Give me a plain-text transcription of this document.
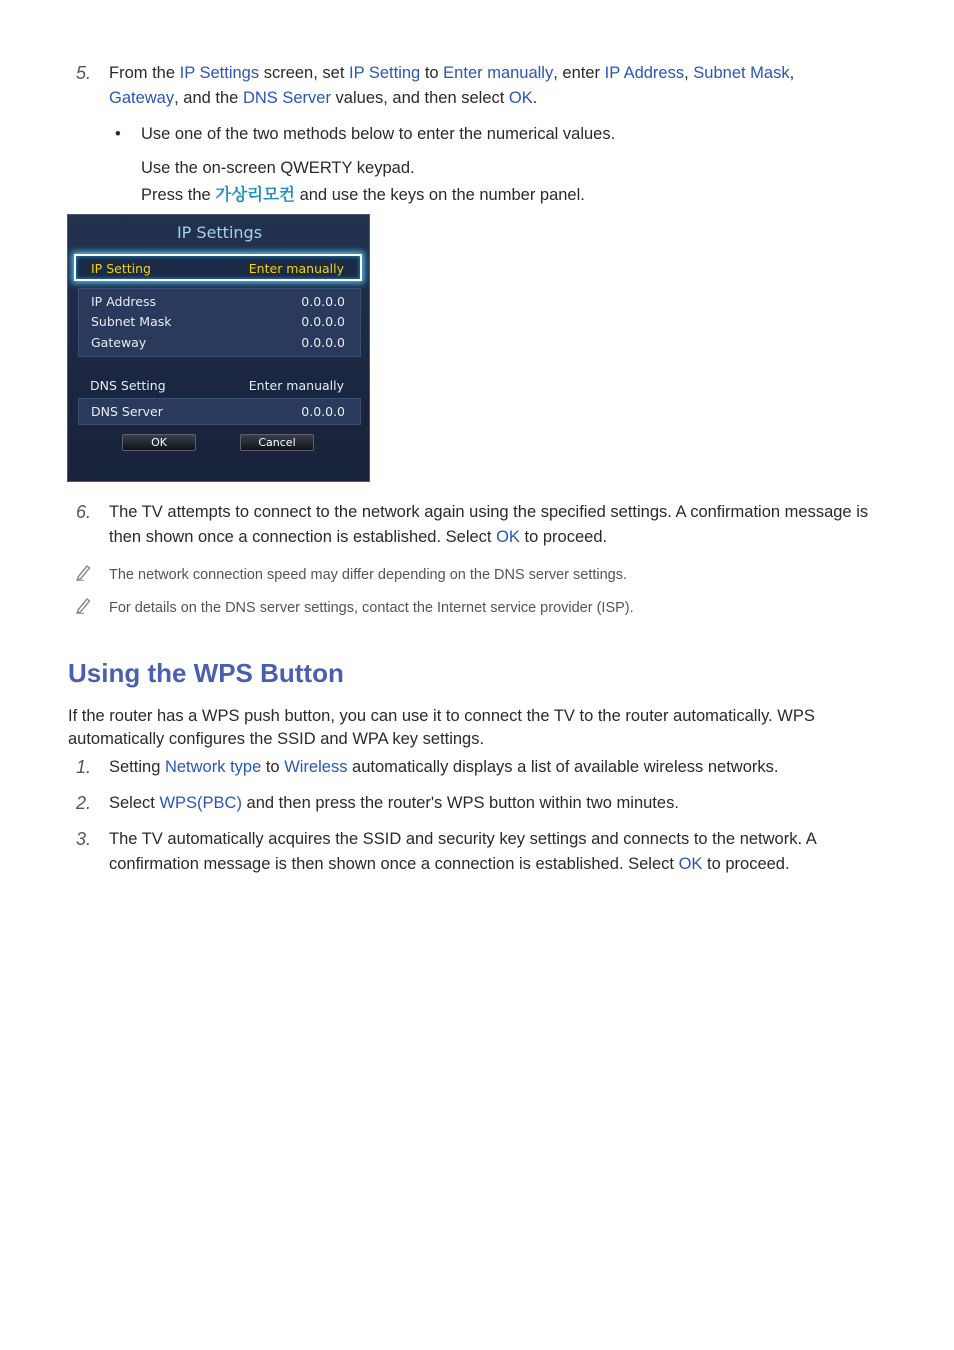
5. From the IP Settings screen, set IP Setting to Enter manually, enter IP Address, Subnet Mask,
Gateway, and the DNS Server values, and then select OK.
• Use one of the two methods below to enter the numerical values.
Use the on-screen QWERTY keypad.
Press the 가상리모컨 and use the keys on the number panel.
IP Settings
IP Setting	Enter manually
IP Address	0.0.0.0
Subnet Mask	0.0.0.0
Gateway	0.0.0.0
DNS Setting	Enter manually
DNS Server	0.0.0.0
OK	Cancel
6. The TV attempts to connect to the network again using the specified settings. A confirmation message is then shown once a connection is established. Select OK to proceed.
The network connection speed may differ depending on the DNS server settings.
For details on the DNS server settings, contact the Internet service provider (ISP).
Using the WPS Button
If the router has a WPS push button, you can use it to connect the TV to the router automatically. WPS automatically configures the SSID and WPA key settings.
1. Setting Network type to Wireless automatically displays a list of available wireless networks.
2. Select WPS(PBC) and then press the router's WPS button within two minutes.
3. The TV automatically acquires the SSID and security key settings and connects to the network. A confirmation message is then shown once a connection is established. Select OK to proceed.
